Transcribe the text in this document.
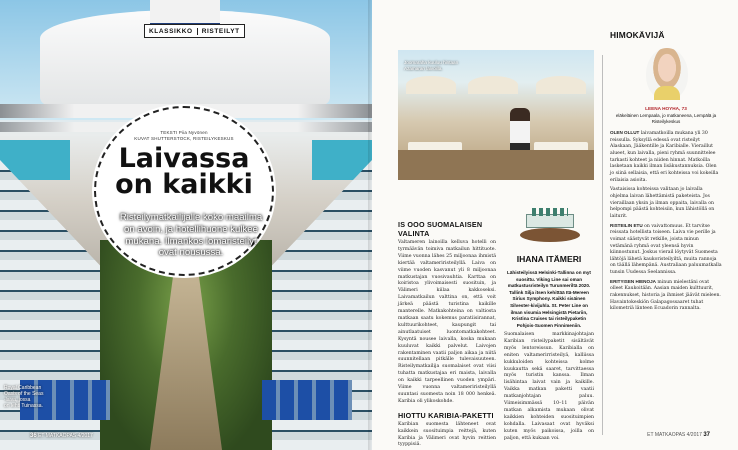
KLASSIKKO	RISTEILYT
TEKSTI Piia Nyvönen
KUVAT SHUTTERSTOCK, RISTEILYKESKUS
Laivassa
on kaikki
Risteilymatkailijalle koko maailma on avoin, ja hotellihuone kulkee mukana. Ilmankos lomaristeilyt ovat nousussa.
Royal Caribbean
Oasis of the Seas
-laiva, jossa
on lehti Tuinassa.
36 ET MATKAOPAS 4/2017
Joomaraha kuuluu hintaan Azamaran laivoilla.
IS OOO SUOMALAISEN VALINTA
Valtameren lainoilla kelluva hotelli on tyrmäävän toimiva matkailun hittituote. Viime vuonna lähes 25 miljoonaa ihmistä kiertää valtameriristeilyllä. Laiva on viime vuoden kasvanut yli 8 miljoonaa matkustajan vuosivauhtia. Karttaa on koiristoa ylivoimaisesti suosituin, ja Välimeri kiilaa kakkoseksi. Laivamatkailun valttina on, että voit järkeä päästä turistina kaikille manterelle. Matkakohteina on valtiosta matkaan saatu kokemus paratiisirannat, kulttuurikohteet, kaupungit tai ainutlaatuiset luontomatkakohteet. Kysyntä nousee laivalla, koska mukaan kuuluvat kaikki palvelut. Laivojen rakentaminen vaatii paljon aikaa ja niitä suunnitellaan pitkälle tulevaisuuteen. Risteilymatkailija suomalaiset ovat viisi tuhatta matkustajaa eri maista, laivalla on kaikki tarpeellinen vuoden ympäri. Viime vuonna valtameriristeilyllä suuntasi suomesta noin 18 000 henkeä. Karibia oli ylikoskohde.
HIOTTU KARIBIA-PAKETTI
Karibian suomesta lähteneet ovat kaikkein suosituimpia reittejä, kuten Karibia ja Välimeri ovat hyvin reittien tyyppisiä.
IHANA ITÄMERI
Lähisteilyissä Helsinki-Tallinna on myt suosittu. Viking Line sai oman matkustusristeilyn Turunmeriltä 2020. Tallink Silja itsen kehittää Itä-Mereen Sirius Symphony. Kaikki sisäinen Silvester-kivijuhla. St. Peter Line on ilman visumia Helsingistä Pietariin, Kristina Cruises tai risteilypaketin Pohjois-Suomen Finnimeniin.
Suomalaisen markkinajohtajan Karibian risteilypaketit sisältävät myös lentoreissun. Karibialla on eniten valtamerirristeilyä, kalliissa kukkuloiden kohteissa kolme kuukautta sekä saaret, tarvittaessa myös turistin kanssa. Ilman lisähintaa laivat vain ja kaikille. Vaikka matkan paketti vaatii matkanjohtajan paluu. Viimeisimmässä 10–11 päivän matkan alkamista mukaan olivat kaikkien kohteiden suosituimpien kohdalla. Laivasaat ovat hyväksi kuten myös paikoissa, joilla on paljon, että kukaan voi.
HIMOKÄVIJÄ
LEENA HOYHA, 73
eläkeläinen Lempaala, jo matkaneena, Lempälä ja Risteilykeskus
OLEN OLLUT laivamatkoilla mukana yli 30 reissulla. Syksyllä edessä ovat risteilyt Alaskaan, Jääkentille ja Karibialle. Vieraillut alueet, kun laivalla, pieni ryhmä suunnittelee tarkasti kohteet ja niiden hinnat. Matkoilla lasketaan kaikki ilman lisäkustannuksia. Olen jo siinä sellaisia, että eri kohteissa voi kokeilla erilaisia asioita.
Vastaisissa kohteissa valitaan jo laivalla ohjelma laivan lähettämistä paketeista. Jos vieraillaan yksin ja ilman oppaita, laivalla on helpompi päästä kohteisiin, kun lähistöllä on laiturit.
RISTEILIN ETU on vaivattomuus. Et tarvitse reissata hotellista toiseen. Laiva vie perille ja voimat säästyvät retkille, joista minun vetämänä ryhmä ovat yleensä hyvin kiinnostunut. Joskus vierail löytyvät Suomesta lähtöjä lähetä kaukoristeilyiltä, muita rannoja on täällä lähempänä. Australiaan paluumatkalla tunsin Uudessa Seelannissa.
ERITYISEN HIENOJA minun mielestäni ovat olleet Kaukoitään. Aasian maiden kulttuurit, rakennukset, historia ja ihmiset jäävät mieleen. Havaintokeskiön Galapagossaaret tuhat kilometriä länteen Ecuadorin rannalta.
ET MATKAOPAS 4/2017 37
